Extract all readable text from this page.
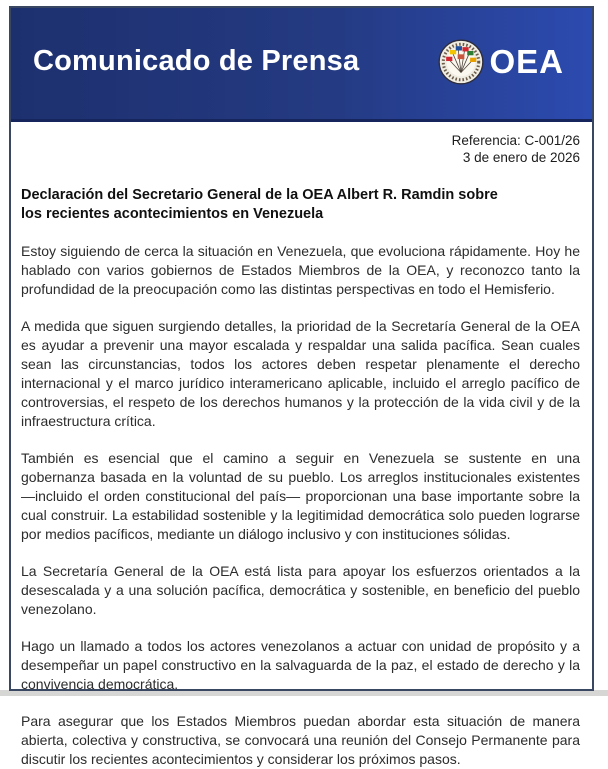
Comunicado de Prensa	OEA
Referencia: C-001/26
3 de enero de 2026
Declaración del Secretario General de la OEA Albert R. Ramdin sobre los recientes acontecimientos en Venezuela

Estoy siguiendo de cerca la situación en Venezuela, que evoluciona rápidamente. Hoy he hablado con varios gobiernos de Estados Miembros de la OEA, y reconozco tanto la profundidad de la preocupación como las distintas perspectivas en todo el Hemisferio.

A medida que siguen surgiendo detalles, la prioridad de la Secretaría General de la OEA es ayudar a prevenir una mayor escalada y respaldar una salida pacífica. Sean cuales sean las circunstancias, todos los actores deben respetar plenamente el derecho internacional y el marco jurídico interamericano aplicable, incluido el arreglo pacífico de controversias, el respeto de los derechos humanos y la protección de la vida civil y de la infraestructura crítica.

También es esencial que el camino a seguir en Venezuela se sustente en una gobernanza basada en la voluntad de su pueblo. Los arreglos institucionales existentes —incluido el orden constitucional del país— proporcionan una base importante sobre la cual construir. La estabilidad sostenible y la legitimidad democrática solo pueden lograrse por medios pacíficos, mediante un diálogo inclusivo y con instituciones sólidas.

La Secretaría General de la OEA está lista para apoyar los esfuerzos orientados a la desescalada y a una solución pacífica, democrática y sostenible, en beneficio del pueblo venezolano.

Hago un llamado a todos los actores venezolanos a actuar con unidad de propósito y a desempeñar un papel constructivo en la salvaguarda de la paz, el estado de derecho y la convivencia democrática.

Para asegurar que los Estados Miembros puedan abordar esta situación de manera abierta, colectiva y constructiva, se convocará una reunión del Consejo Permanente para discutir los recientes acontecimientos y considerar los próximos pasos.
